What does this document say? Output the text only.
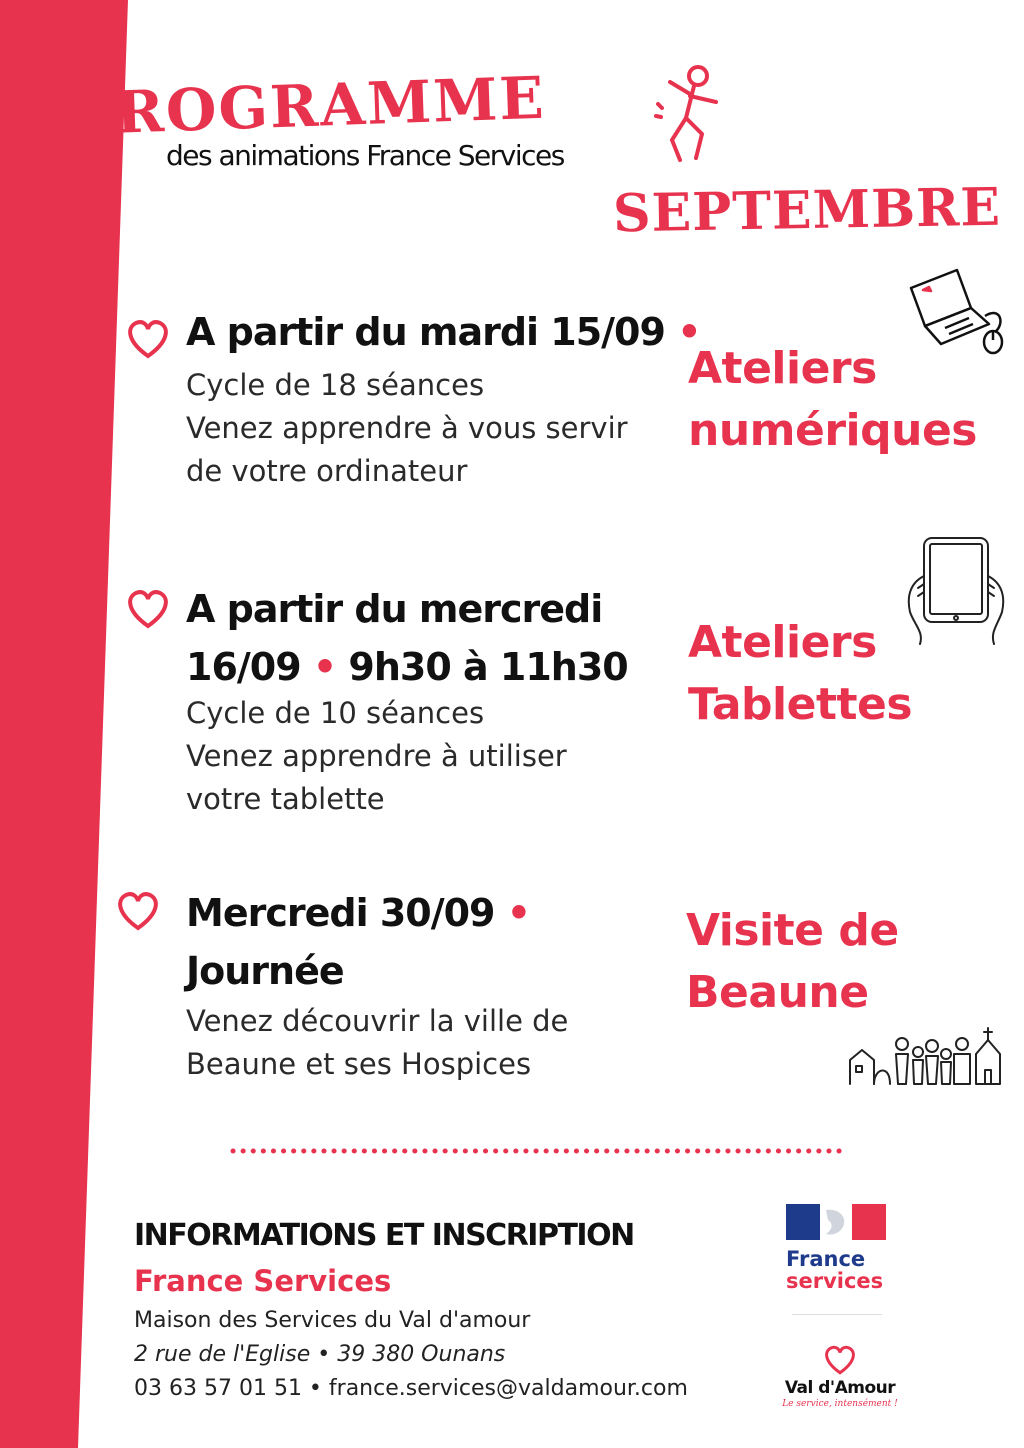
PROGRAMME
des animations France Services
SEPTEMBRE
A partir du mardi 15/09 •
Cycle de 18 séances
Venez apprendre à vous servir
de votre ordinateur
Ateliers
numériques
A partir du mercredi
16/09 • 9h30 à 11h30
Cycle de 10 séances
Venez apprendre à utiliser
votre tablette
Ateliers
Tablettes
Mercredi 30/09 •
Journée
Venez découvrir la ville de
Beaune et ses Hospices
Visite de
Beaune
INFORMATIONS ET INSCRIPTION
France Services
Maison des Services du Val d'amour
2 rue de l'Eglise • 39 380 Ounans
03 63 57 01 51 • france.services@valdamour.com
France
services
Val d'Amour
Le service, intensément !
